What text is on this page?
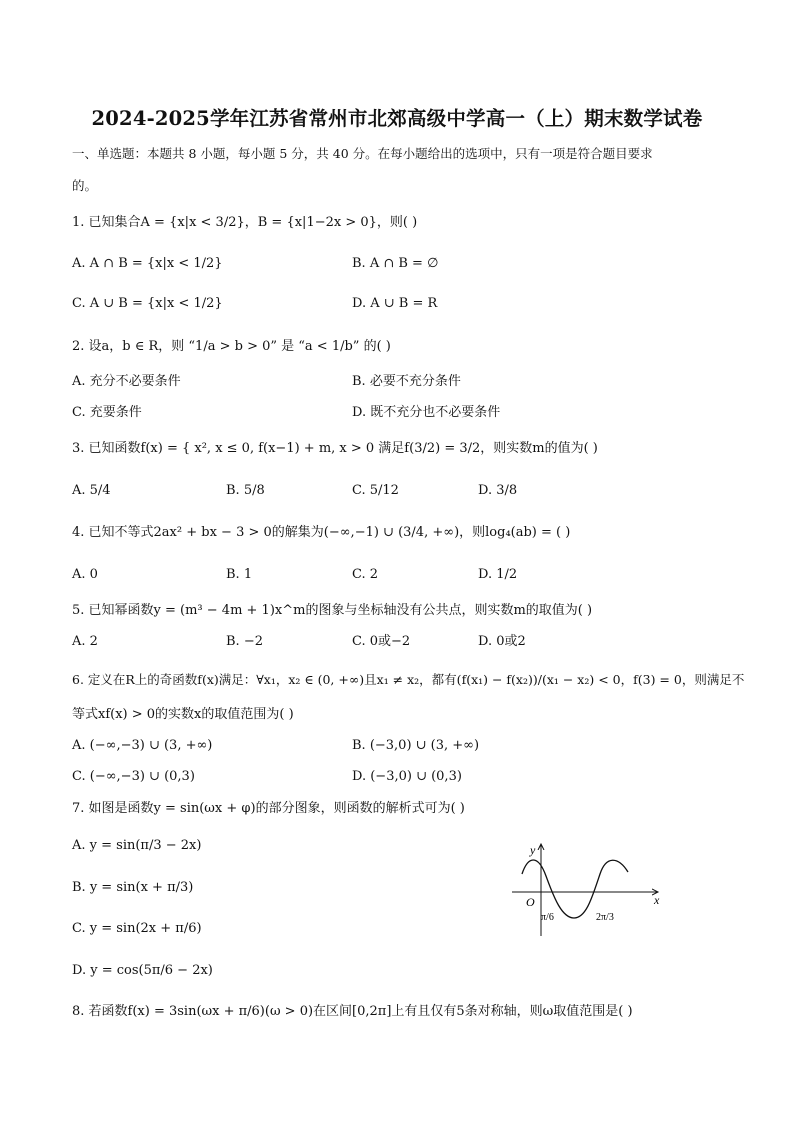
2024-2025学年江苏省常州市北郊高级中学高一（上）期末数学试卷
一、单选题：本题共 8 小题，每小题 5 分，共 40 分。在每小题给出的选项中，只有一项是符合题目要求
的。
1. 已知集合A = {x|x < 3/2}，B = {x|1−2x > 0}，则( )
A. A ∩ B = {x|x < 1/2}	B. A ∩ B = ∅
C. A ∪ B = {x|x < 1/2}	D. A ∪ B = R
2. 设a，b ∈ R，则 “1/a > b > 0” 是 “a < 1/b” 的( )
A. 充分不必要条件	B. 必要不充分条件
C. 充要条件	D. 既不充分也不必要条件
3. 已知函数f(x) = { x², x ≤ 0, f(x−1) + m, x > 0 满足f(3/2) = 3/2，则实数m的值为( )
A. 5/4	B. 5/8	C. 5/12	D. 3/8
4. 已知不等式2ax² + bx − 3 > 0的解集为(−∞,−1) ∪ (3/4, +∞)，则log₄(ab) = ( )
A. 0	B. 1	C. 2	D. 1/2
5. 已知幂函数y = (m³ − 4m + 1)x^m的图象与坐标轴没有公共点，则实数m的取值为( )
A. 2	B. −2	C. 0或−2	D. 0或2
6. 定义在R上的奇函数f(x)满足：∀x₁，x₂ ∈ (0, +∞)且x₁ ≠ x₂，都有(f(x₁) − f(x₂))/(x₁ − x₂) < 0，f(3) = 0，则满足不
等式xf(x) > 0的实数x的取值范围为( )
A. (−∞,−3) ∪ (3, +∞)	B. (−3,0) ∪ (3, +∞)
C. (−∞,−3) ∪ (0,3)	D. (−3,0) ∪ (0,3)
7. 如图是函数y = sin(ωx + φ)的部分图象，则函数的解析式可为( )
A. y = sin(π/3 − 2x)
B. y = sin(x + π/3)
C. y = sin(2x + π/6)
D. y = cos(5π/6 − 2x)
y
x
O
π/6	2π/3
8. 若函数f(x) = 3sin(ωx + π/6)(ω > 0)在区间[0,2π]上有且仅有5条对称轴，则ω取值范围是( )
